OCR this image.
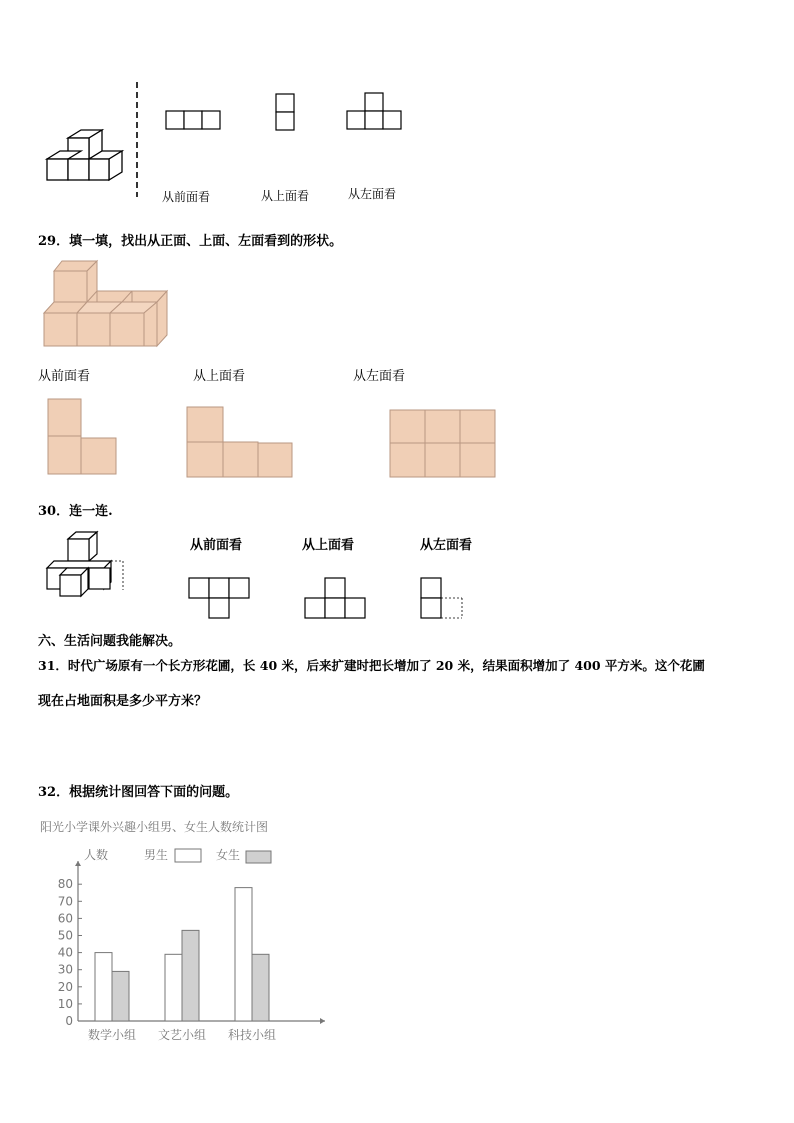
从前面看	从上面看	从左面看
29．填一填，找出从正面、上面、左面看到的形状。
从前面看	从上面看	从左面看
30．连一连.
从前面看	从上面看	从左面看
六、生活问题我能解决。
31．时代广场原有一个长方形花圃，长 40 米，后来扩建时把长增加了 20 米，结果面积增加了 400 平方米。这个花圃
现在占地面积是多少平方米？
32．根据统计图回答下面的问题。
阳光小学课外兴趣小组男、女生人数统计图
人数	男生	女生
0
10
20
30
40
50
60
70
80
数学小组 文艺小组 科技小组
